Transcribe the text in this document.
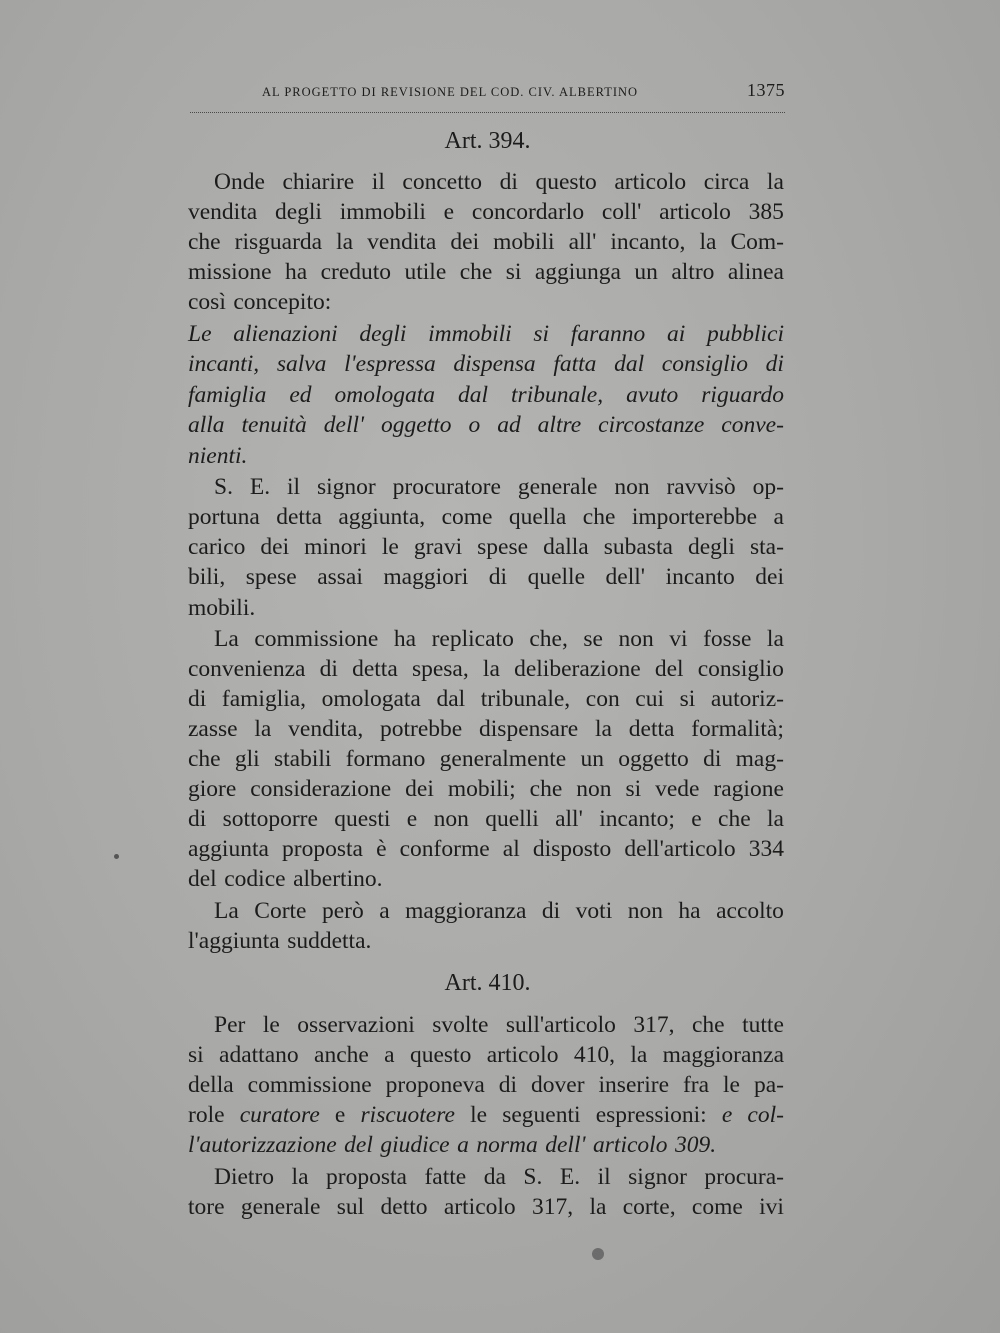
AL PROGETTO DI REVISIONE DEL COD. CIV. ALBERTINO	1375
Art. 394.
Art. 410.
Onde chiarire il concetto di questo articolo circa la
vendita degli immobili e concordarlo coll' articolo 385
che risguarda la vendita dei mobili all' incanto, la Com-
missione ha creduto utile che si aggiunga un altro alinea
così concepito:
Le alienazioni degli immobili si faranno ai pubblici
incanti, salva l'espressa dispensa fatta dal consiglio di
famiglia ed omologata dal tribunale, avuto riguardo
alla tenuità dell' oggetto o ad altre circostanze conve-
nienti.
S. E. il signor procuratore generale non ravvisò op-
portuna detta aggiunta, come quella che importerebbe a
carico dei minori le gravi spese dalla subasta degli sta-
bili, spese assai maggiori di quelle dell' incanto dei
mobili.
La commissione ha replicato che, se non vi fosse la
convenienza di detta spesa, la deliberazione del consiglio
di famiglia, omologata dal tribunale, con cui si autoriz-
zasse la vendita, potrebbe dispensare la detta formalità;
che gli stabili formano generalmente un oggetto di mag-
giore considerazione dei mobili; che non si vede ragione
di sottoporre questi e non quelli all' incanto; e che la
aggiunta proposta è conforme al disposto dell'articolo 334
del codice albertino.
La Corte però a maggioranza di voti non ha accolto
l'aggiunta suddetta.
Per le osservazioni svolte sull'articolo 317, che tutte
si adattano anche a questo articolo 410, la maggioranza
della commissione proponeva di dover inserire fra le pa-
role curatore e riscuotere le seguenti espressioni: e col-
l'autorizzazione del giudice a norma dell' articolo 309.
Dietro la proposta fatte da S. E. il signor procura-
tore generale sul detto articolo 317, la corte, come ivi
